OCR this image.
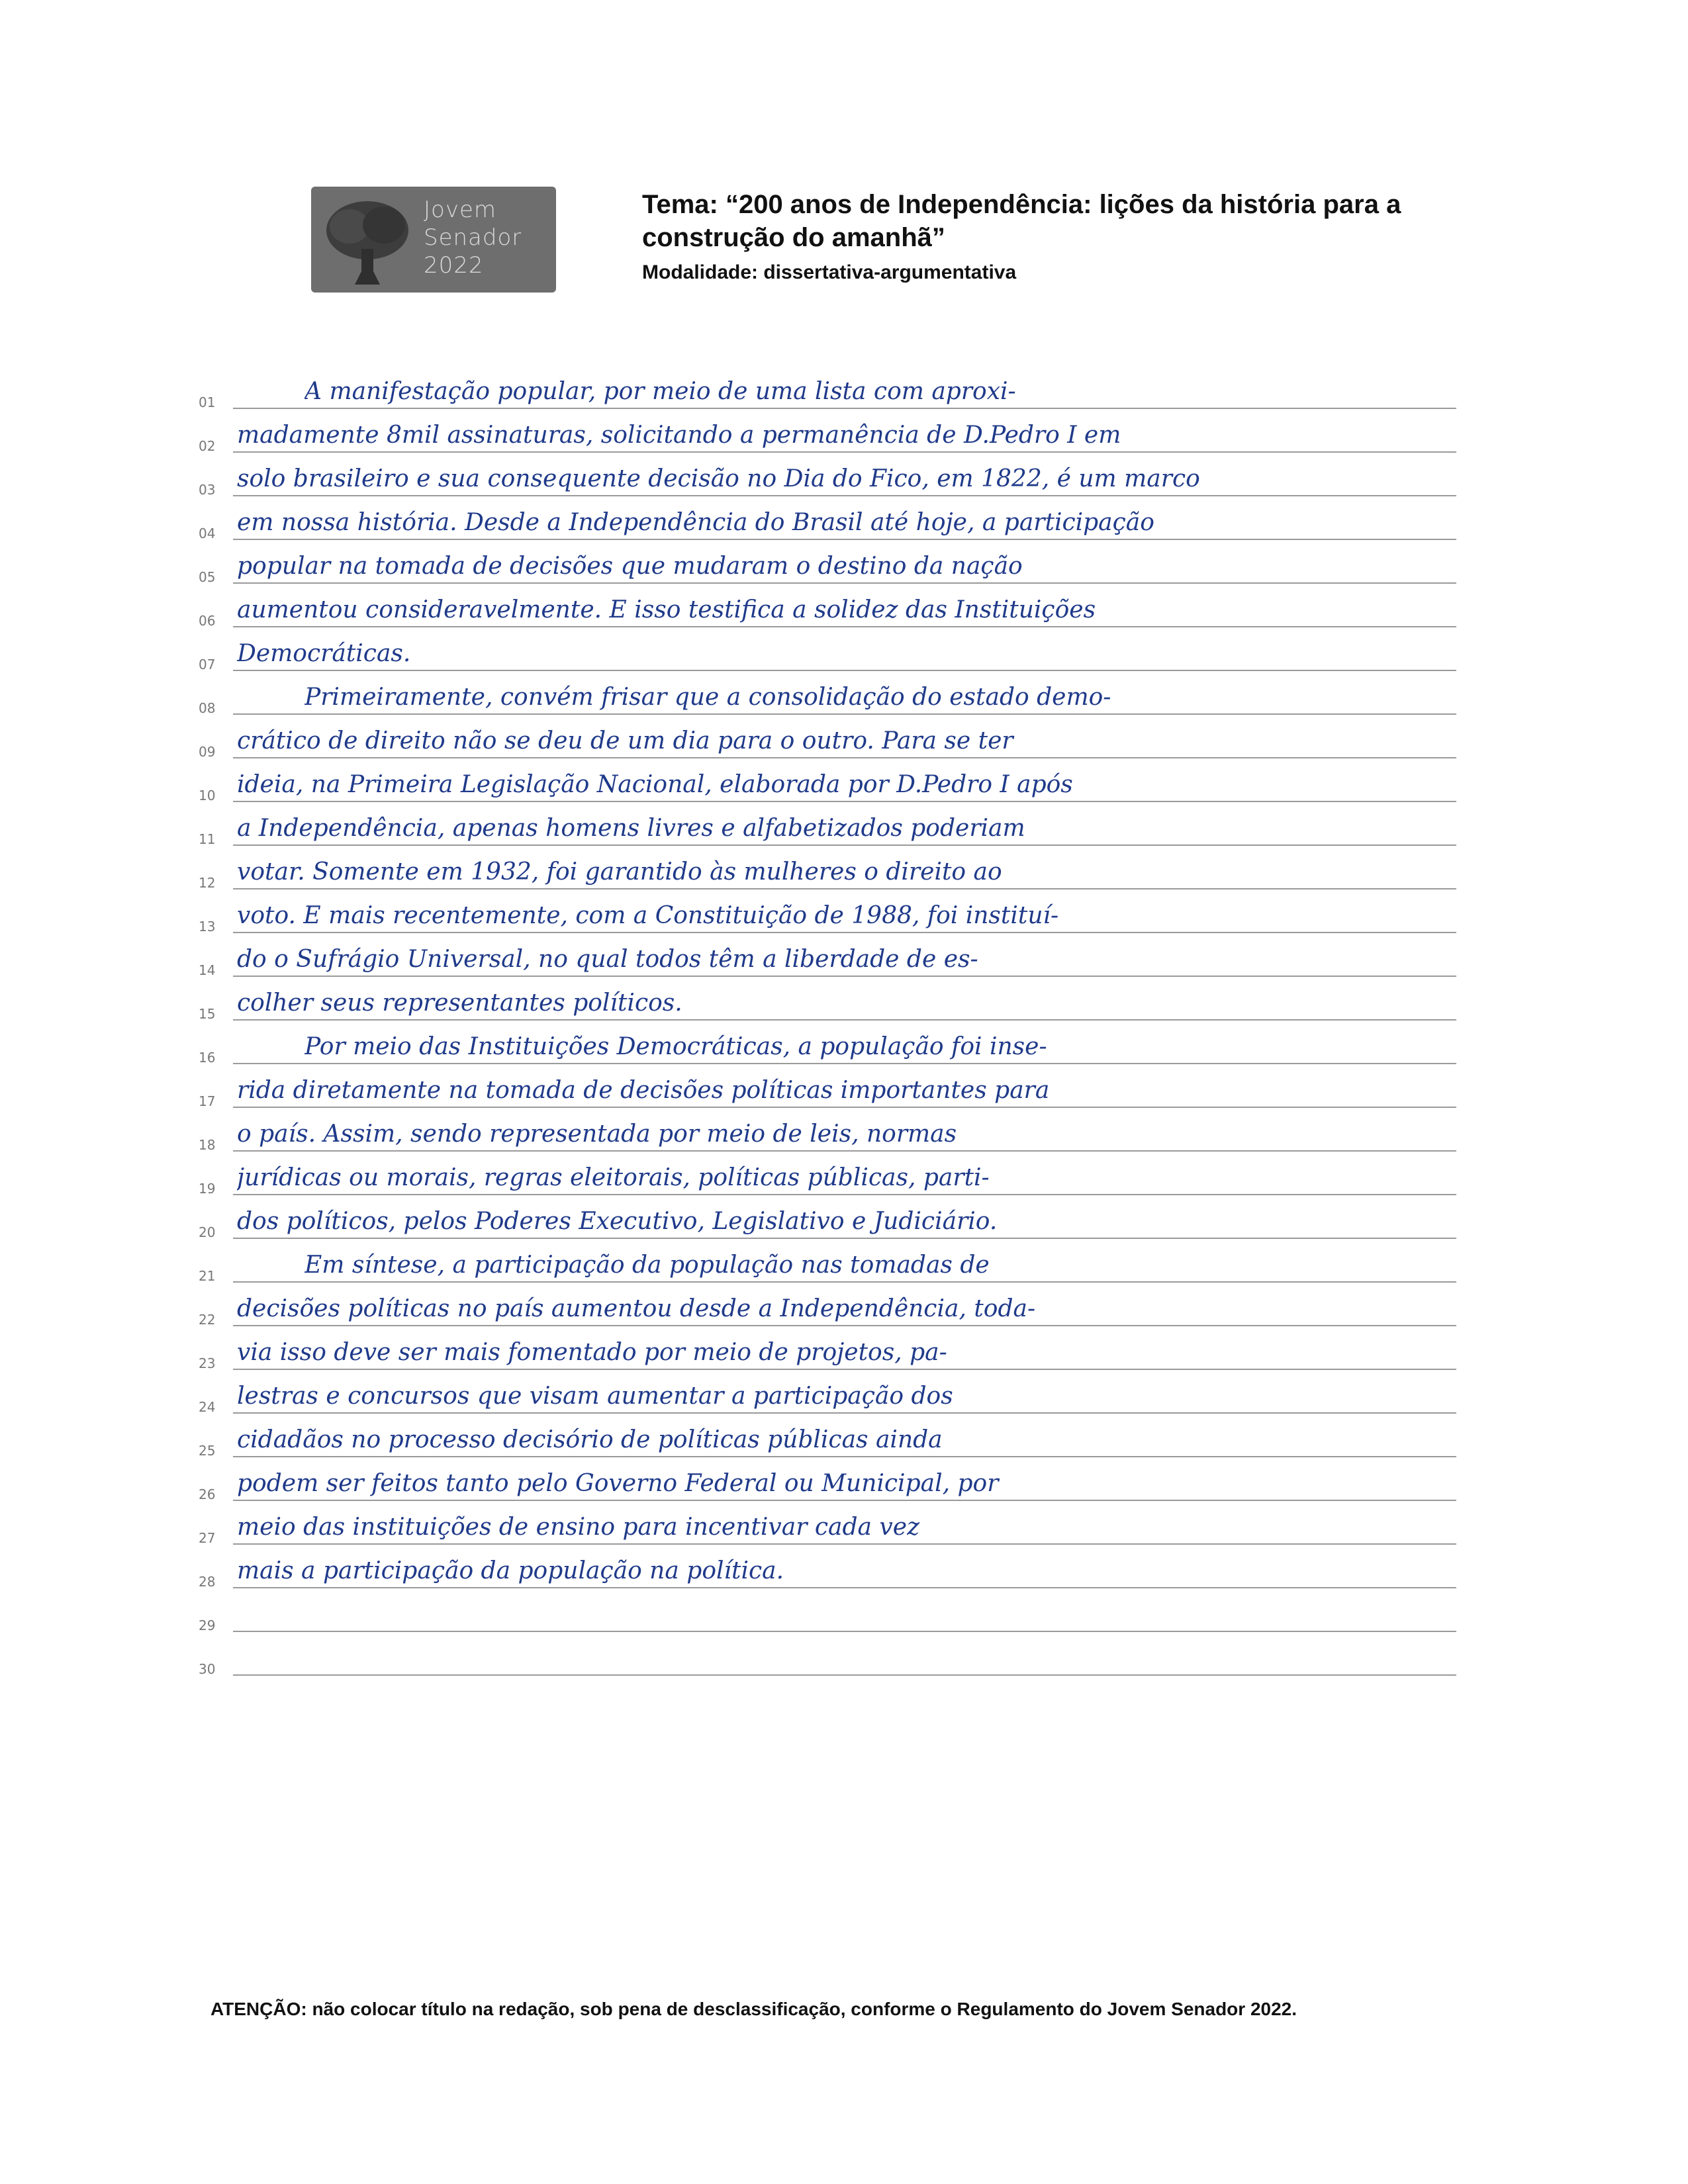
Jovem
Senador
2022

Tema: “200 anos de Independência: lições da história para a construção do amanhã”

Modalidade: dissertativa-argumentativa
01	A manifestação popular, por meio de uma lista com aproxi-
02 madamente 8mil assinaturas, solicitando a permanência de D.Pedro I em
03 solo brasileiro e sua consequente decisão no Dia do Fico, em 1822, é um marco
04 em nossa história. Desde a Independência do Brasil até hoje, a participação
05 popular na tomada de decisões que mudaram o destino da nação
06 aumentou consideravelmente. E isso testifica a solidez das Instituições
07 Democráticas.
08	Primeiramente, convém frisar que a consolidação do estado demo-
09 crático de direito não se deu de um dia para o outro. Para se ter
10 ideia, na Primeira Legislação Nacional, elaborada por D.Pedro I após
11 a Independência, apenas homens livres e alfabetizados poderiam
12 votar. Somente em 1932, foi garantido às mulheres o direito ao
13 voto. E mais recentemente, com a Constituição de 1988, foi instituí-
14 do o Sufrágio Universal, no qual todos têm a liberdade de es-
15 colher seus representantes políticos.
16	Por meio das Instituições Democráticas, a população foi inse-
17 rida diretamente na tomada de decisões políticas importantes para
18 o país. Assim, sendo representada por meio de leis, normas
19 jurídicas ou morais, regras eleitorais, políticas públicas, parti-
20 dos políticos, pelos Poderes Executivo, Legislativo e Judiciário.
21	Em síntese, a participação da população nas tomadas de
22 decisões políticas no país aumentou desde a Independência, toda-
23 via isso deve ser mais fomentado por meio de projetos, pa-
24 lestras e concursos que visam aumentar a participação dos
25 cidadãos no processo decisório de políticas públicas ainda
26 podem ser feitos tanto pelo Governo Federal ou Municipal, por
27 meio das instituições de ensino para incentivar cada vez
28 mais a participação da população na política.
29
30
ATENÇÃO: não colocar título na redação, sob pena de desclassificação, conforme o Regulamento do Jovem Senador 2022.
